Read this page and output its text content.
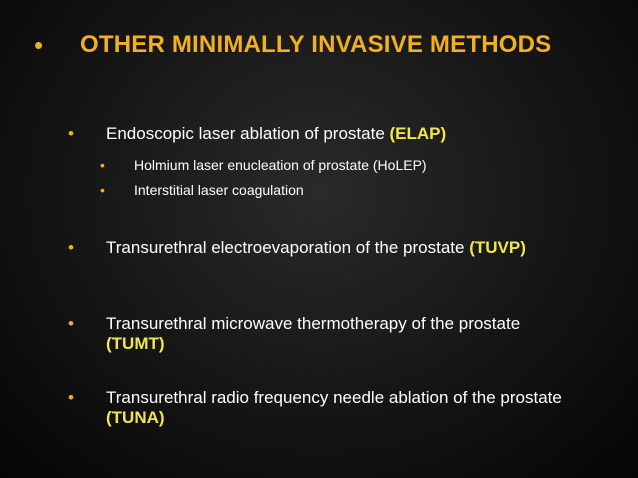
• OTHER MINIMALLY INVASIVE METHODS
• Endoscopic laser ablation of prostate (ELAP)
• Holmium laser enucleation of prostate (HoLEP)
• Interstitial laser coagulation
• Transurethral electroevaporation of the prostate (TUVP)
• Transurethral microwave thermotherapy of the prostate (TUMT)
• Transurethral radio frequency needle ablation of the prostate (TUNA)
